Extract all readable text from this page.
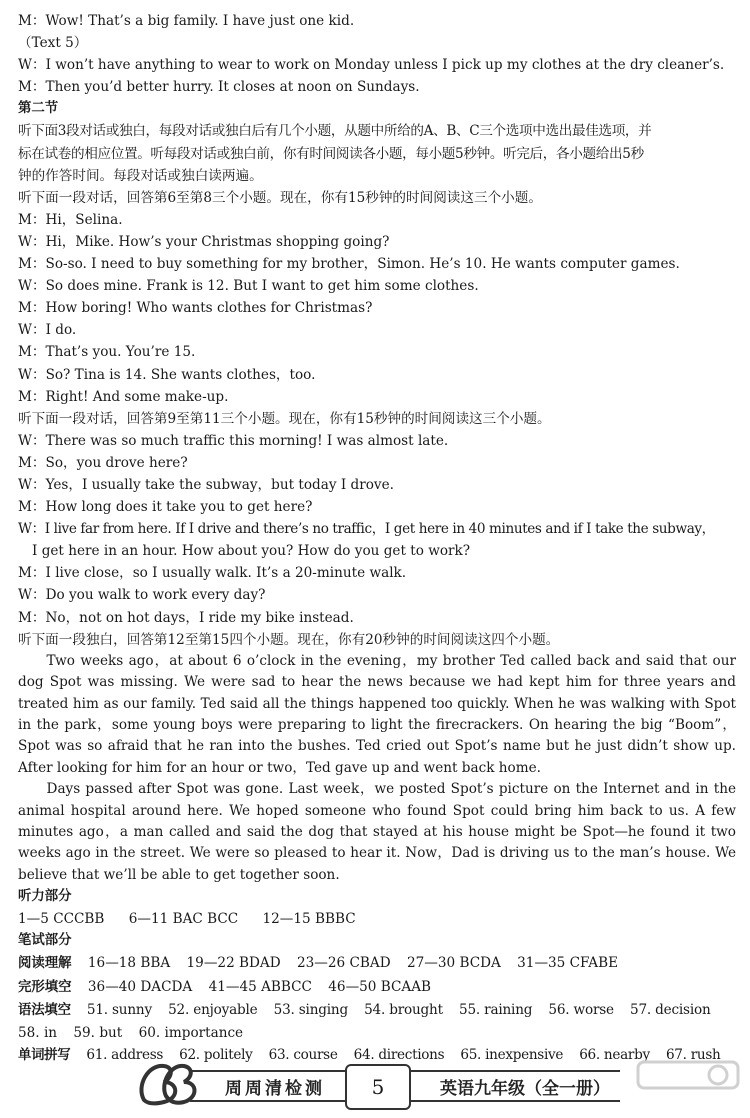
M：Wow! That’s a big family. I have just one kid.

（Text 5）

W：I won’t have anything to wear to work on Monday unless I pick up my clothes at the dry cleaner’s.

M：Then you’d better hurry. It closes at noon on Sundays.

第二节

听下面3段对话或独白，每段对话或独白后有几个小题，从题中所给的A、B、C三个选项中选出最佳选项，并

标在试卷的相应位置。听每段对话或独白前，你有时间阅读各小题，每小题5秒钟。听完后，各小题给出5秒

钟的作答时间。每段对话或独白读两遍。

听下面一段对话，回答第6至第8三个小题。现在，你有15秒钟的时间阅读这三个小题。

M：Hi，Selina.

W：Hi，Mike. How’s your Christmas shopping going?

M：So-so. I need to buy something for my brother，Simon. He’s 10. He wants computer games.

W：So does mine. Frank is 12. But I want to get him some clothes.

M：How boring! Who wants clothes for Christmas?

W：I do.

M：That’s you. You’re 15.

W：So? Tina is 14. She wants clothes，too.

M：Right! And some make-up.

听下面一段对话，回答第9至第11三个小题。现在，你有15秒钟的时间阅读这三个小题。

W：There was so much traffic this morning! I was almost late.

M：So，you drove here?

W：Yes，I usually take the subway，but today I drove.

M：How long does it take you to get here?

W：I live far from here. If I drive and there’s no traffic，I get here in 40 minutes and if I take the subway，

I get here in an hour. How about you? How do you get to work?

M：I live close，so I usually walk. It’s a 20-minute walk.

W：Do you walk to work every day?

M：No，not on hot days，I ride my bike instead.

听下面一段独白，回答第12至第15四个小题。现在，你有20秒钟的时间阅读这四个小题。

Two weeks ago，at about 6 o’clock in the evening，my brother Ted called back and said that our dog Spot was missing. We were sad to hear the news because we had kept him for three years and treated him as our family. Ted said all the things happened too quickly. When he was walking with Spot in the park，some young boys were preparing to light the firecrackers. On hearing the big “Boom”，Spot was so afraid that he ran into the bushes. Ted cried out Spot’s name but he just didn’t show up. After looking for him for an hour or two，Ted gave up and went back home.

Days passed after Spot was gone. Last week，we posted Spot’s picture on the Internet and in the animal hospital around here. We hoped someone who found Spot could bring him back to us. A few minutes ago，a man called and said the dog that stayed at his house might be Spot—he found it two weeks ago in the street. We were so pleased to hear it. Now，Dad is driving us to the man’s house. We believe that we’ll be able to get together soon.

听力部分

1—5 CCCBB 6—11 BAC BCC 12—15 BBBC

笔试部分

阅读理解 16—18 BBA 19—22 BDAD 23—26 CBAD 27—30 BCDA 31—35 CFABE

完形填空 36—40 DACDA 41—45 ABBCC 46—50 BCAAB

语法填空 51. sunny 52. enjoyable 53. singing 54. brought 55. raining 56. worse 57. decision

58. in 59. but 60. importance

单词拼写 61. address 62. politely 63. course 64. directions 65. inexpensive 66. nearby 67. rush

周周清检测	5	英语九年级（全一册）
